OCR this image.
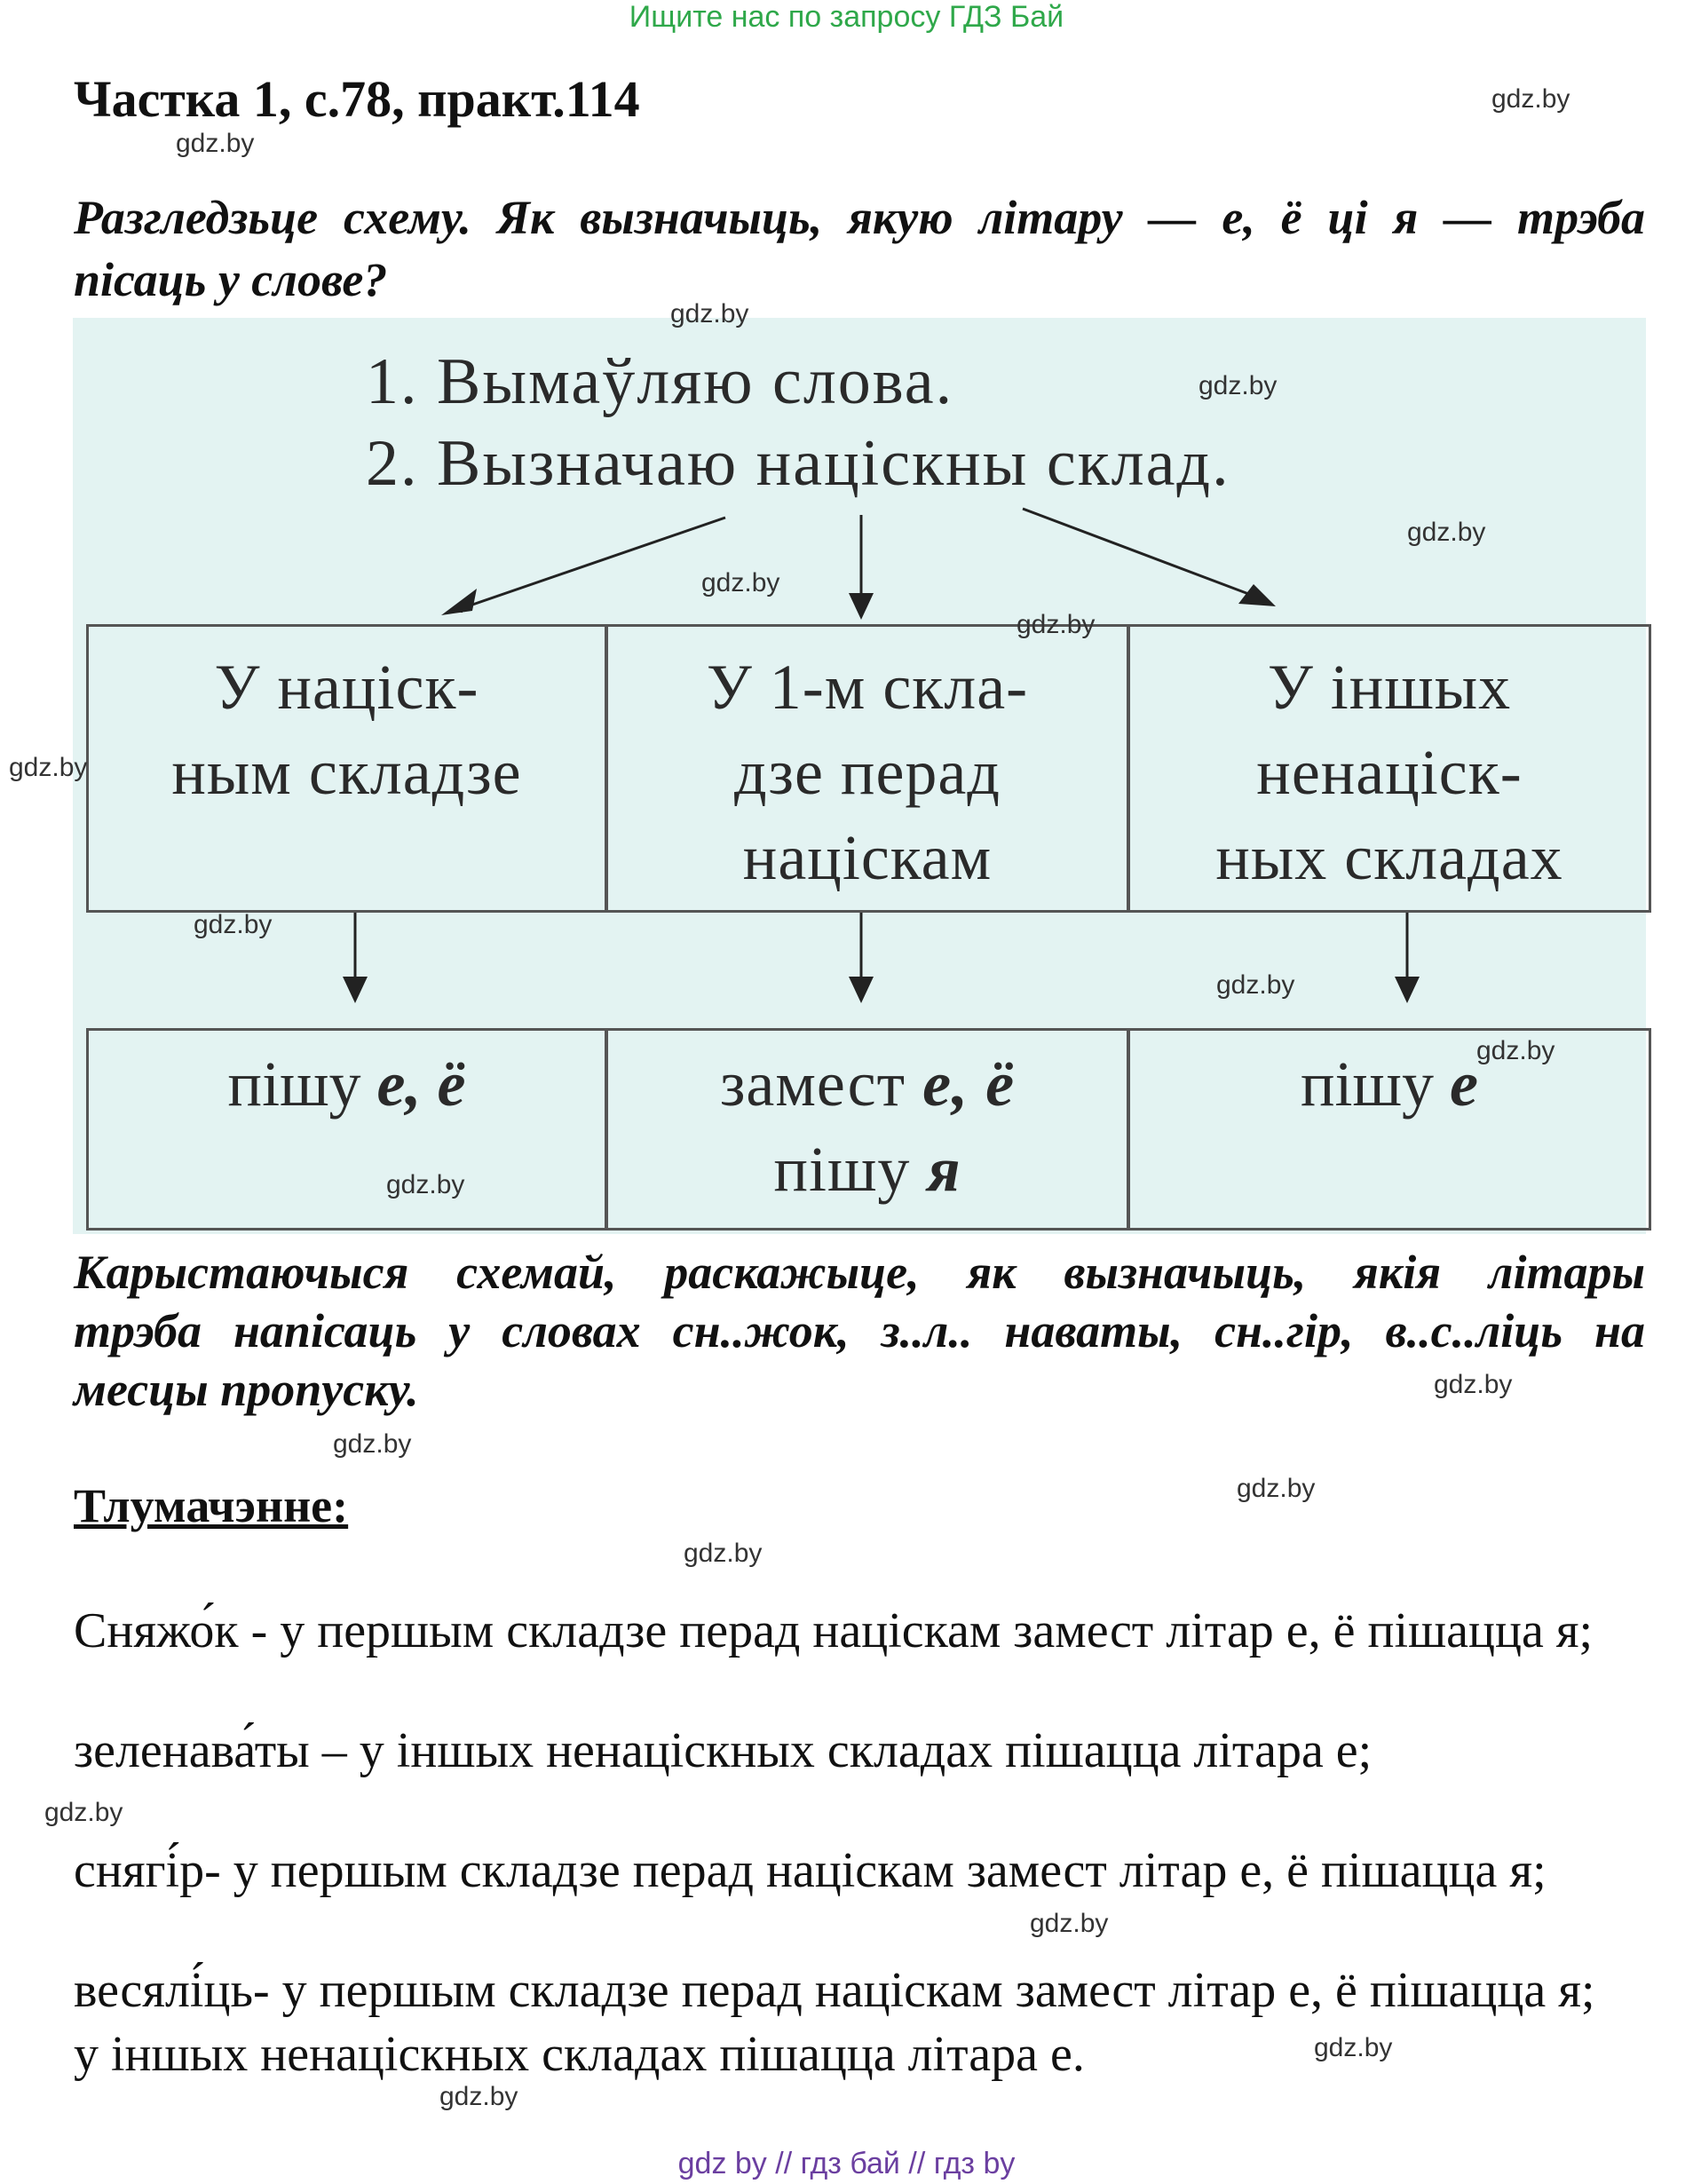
Ищите нас по запросу ГДЗ Бай
Частка 1, с.78, практ.114
Разгледзьце схему. Як вызначыць, якую літару — е, ё ці я — трэба
пісаць у слове?
1. Вымаўляю слова.
2. Вызначаю націскны склад.
У націск-
ным складзе
У 1-м скла-
дзе перад
націскам
У іншых
ненаціск-
ных складах
пішу е, ё	замест е, ё
пішу я
пішу е
Карыстаючыся схемай, раскажыце, як вызначыць, якія літары
трэба напісаць у словах сн..жок, з..л.. наваты, сн..гір, в..с..ліць на
месцы пропуску.
Тлумачэнне:
Сняжо́к - у першым складзе перад націскам замест літар е, ё пішацца я;
зеленава́ты – у іншых ненаціскных складах пішацца літара е;
снягі́р- у першым складзе перад націскам замест літар е, ё пішацца я;
весялі́ць- у першым складзе перад націскам замест літар е, ё пішацца я;
у іншых ненаціскных складах пішацца літара е.
gdz.by
gdz.by
gdz.by
gdz.by
gdz.by
gdz.by
gdz.by
gdz.by
gdz.by
gdz.by
gdz.by
gdz.by
gdz.by
gdz.by
gdz.by
gdz.by
gdz.by
gdz.by
gdz.by
gdz.by
gdz by // гдз бай // гдз by
